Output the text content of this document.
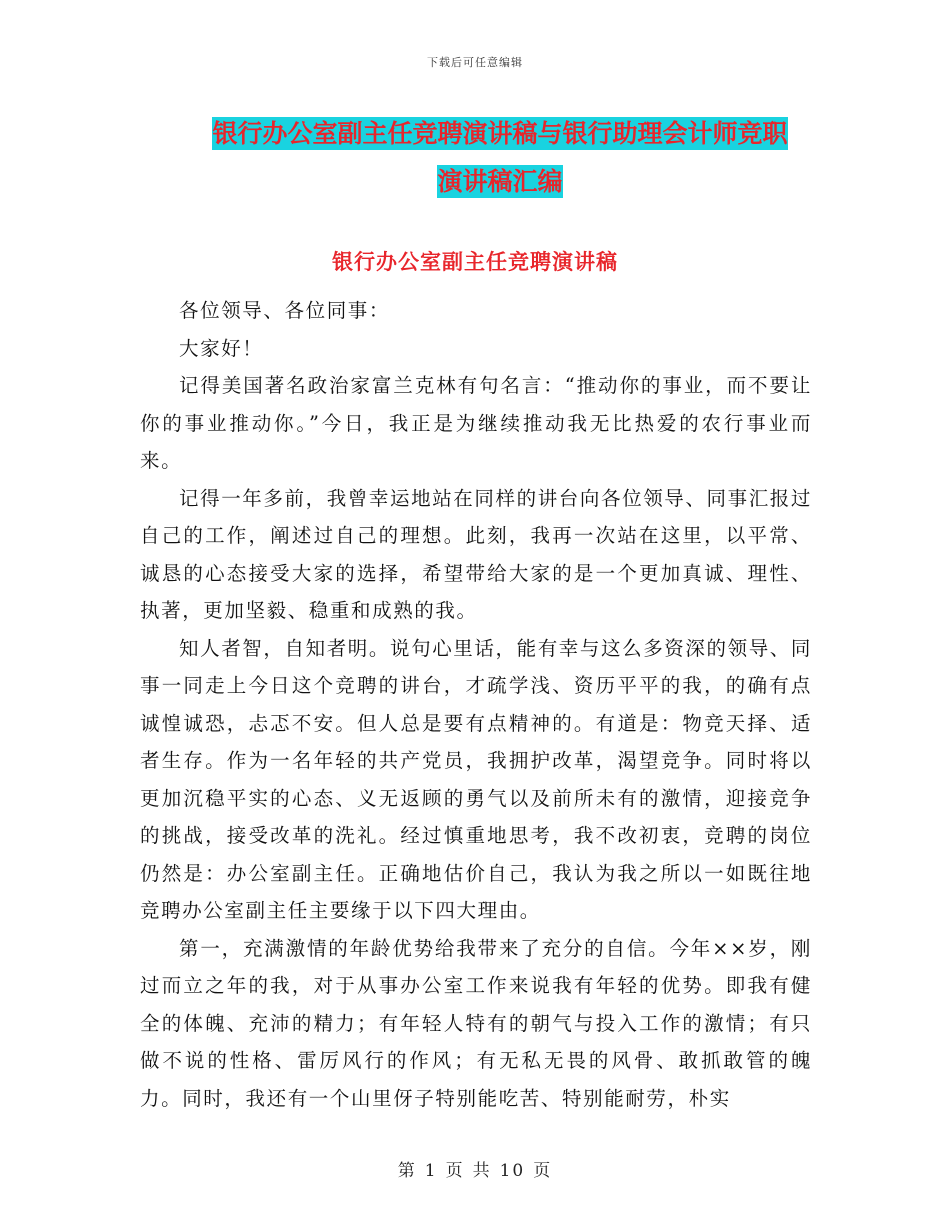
下载后可任意编辑
银行办公室副主任竞聘演讲稿与银行助理会计师竞职
演讲稿汇编
银行办公室副主任竞聘演讲稿

各位领导、各位同事：

大家好！

记得美国著名政治家富兰克林有句名言：“推动你的事业，而不要让你的事业推动你。”今日，我正是为继续推动我无比热爱的农行事业而来。

记得一年多前，我曾幸运地站在同样的讲台向各位领导、同事汇报过自己的工作，阐述过自己的理想。此刻，我再一次站在这里，以平常、诚恳的心态接受大家的选择，希望带给大家的是一个更加真诚、理性、执著，更加坚毅、稳重和成熟的我。

知人者智，自知者明。说句心里话，能有幸与这么多资深的领导、同事一同走上今日这个竞聘的讲台，才疏学浅、资历平平的我，的确有点诚惶诚恐，忐忑不安。但人总是要有点精神的。有道是：物竞天择、适者生存。作为一名年轻的共产党员，我拥护改革，渴望竞争。同时将以更加沉稳平实的心态、义无返顾的勇气以及前所未有的激情，迎接竞争的挑战，接受改革的洗礼。经过慎重地思考，我不改初衷，竞聘的岗位仍然是：办公室副主任。正确地估价自己，我认为我之所以一如既往地竞聘办公室副主任主要缘于以下四大理由。

第一，充满激情的年龄优势给我带来了充分的自信。今年××岁，刚过而立之年的我，对于从事办公室工作来说我有年轻的优势。即我有健全的体魄、充沛的精力；有年轻人特有的朝气与投入工作的激情；有只做不说的性格、雷厉风行的作风；有无私无畏的风骨、敢抓敢管的魄力。同时，我还有一个山里伢子特别能吃苦、特别能耐劳，朴实

第 1 页 共 10 页
